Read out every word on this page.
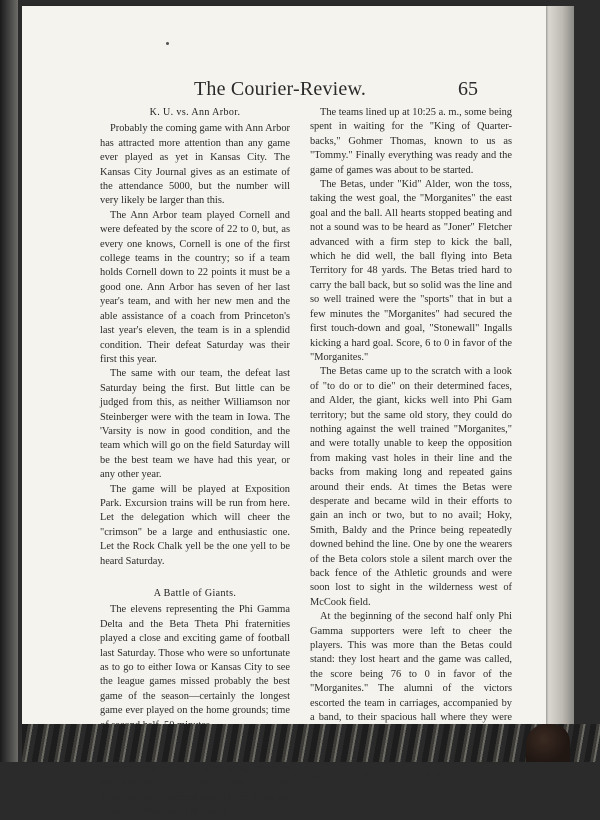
The Courier-Review.	65
K. U. vs. Ann Arbor.

Probably the coming game with Ann Arbor has attracted more attention than any game ever played as yet in Kansas City. The Kansas City Journal gives as an estimate of the attendance 5000, but the number will very likely be larger than this.

The Ann Arbor team played Cornell and were defeated by the score of 22 to 0, but, as every one knows, Cornell is one of the first college teams in the country; so if a team holds Cornell down to 22 points it must be a good one. Ann Arbor has seven of her last year's team, and with her new men and the able assistance of a coach from Princeton's last year's eleven, the team is in a splendid condition. Their defeat Saturday was their first this year.

The same with our team, the defeat last Saturday being the first. But little can be judged from this, as neither Williamson nor Steinberger were with the team in Iowa. The 'Varsity is now in good condition, and the team which will go on the field Saturday will be the best team we have had this year, or any other year.

The game will be played at Exposition Park. Excursion trains will be run from here. Let the delegation which will cheer the "crimson" be a large and enthusiastic one. Let the Rock Chalk yell be the one yell to be heard Saturday.

A Battle of Giants.

The elevens representing the Phi Gamma Delta and the Beta Theta Phi fraternities played a close and exciting game of football last Saturday. Those who were so unfortunate as to go to either Iowa or Kansas City to see the league games missed probably the best game of the season—certainly the longest game ever played on the home grounds; time

were cheered lustily by their many admirers and supporters. The Betas soon followed. They too were greeted with cheers from the throats of thousands (or more).

The teams lined up at 10:25 a. m., some being spent in waiting for the "King of Quarter-backs," Gohmer Thomas, known to us as "Tommy." Finally everything was ready and the game of games was about to be started.

The Betas, under "Kid" Alder, won the toss, taking the west goal, the "Morganites" the east goal and the ball. All hearts stopped beating and not a sound was to be heard as "Joner" Fletcher advanced with a firm step to kick the ball, which he did well, the ball flying into Beta Territory for 48 yards. The Betas tried hard to carry the ball back, but so solid was the line and so well trained were the "sports" that in but a few minutes the "Morganites" had secured the first touch-down and goal, "Stonewall" Ingalls kicking a hard goal. Score, 6 to 0 in favor of the "Morganites."

The Betas came up to the scratch with a look of "to do or to die" on their determined faces, and Alder, the giant, kicks well into Phi Gam territory; but the same old story, they could do nothing against the well trained "Morganites," and were totally unable to keep the opposition from making vast holes in their line and the backs from making long and repeated gains around their ends. At times the Betas were desperate and became wild in their efforts to gain an inch or two, but to no avail; Hoky, Smith, Baldy and the Prince being repeatedly downed behind the line. One by one the wearers of the Beta colors stole a silent march over the back fence of the Athletic grounds and were soon lost to sight in the wilderness west of McCook field.

At the beginning of the second half only Phi Gamma supporters were left to cheer the players. This was more than the Betas could stand: they lost heart and the game was called, the score being 76 to 0 in favor of the "Morganites." The alumni of the victors escorted the team in carriages, accompanied by a band, to their spacious hall where they were success. Let there be more of them.
